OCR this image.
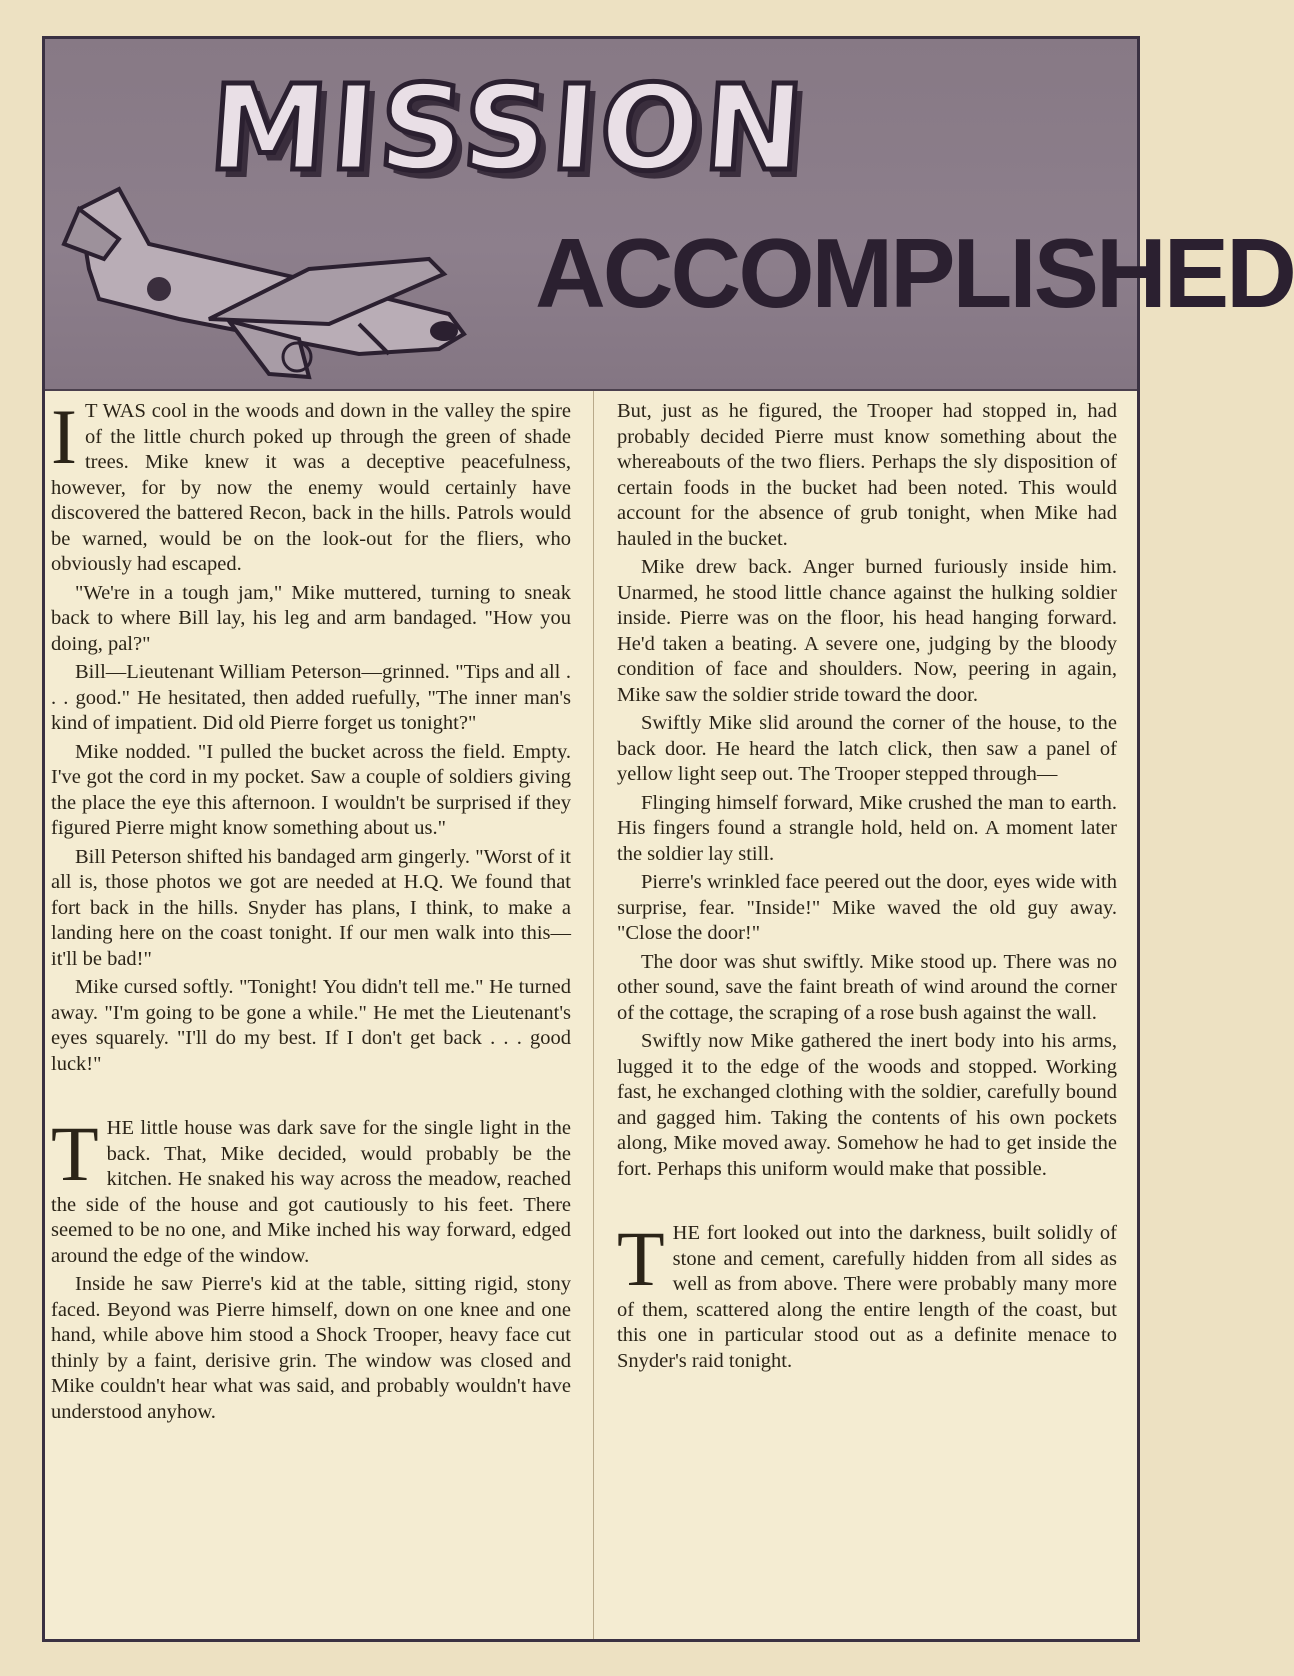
MISSION
ACCOMPLISHED

I T WAS cool in the woods and down in the valley the spire of the little church poked up through the green of shade trees. Mike knew it was a deceptive peacefulness, however, for by now the enemy would certainly have discovered the battered Recon, back in the hills. Patrols would be warned, would be on the look-out for the fliers, who obviously had escaped.

"We're in a tough jam," Mike muttered, turning to sneak back to where Bill lay, his leg and arm bandaged. "How you doing, pal?"

Bill—Lieutenant William Peterson—grinned. "Tips and all . . . good." He hesitated, then added ruefully, "The inner man's kind of impatient. Did old Pierre forget us tonight?"

Mike nodded. "I pulled the bucket across the field. Empty. I've got the cord in my pocket. Saw a couple of soldiers giving the place the eye this afternoon. I wouldn't be surprised if they figured Pierre might know something about us."

Bill Peterson shifted his bandaged arm gingerly. "Worst of it all is, those photos we got are needed at H.Q. We found that fort back in the hills. Snyder has plans, I think, to make a landing here on the coast tonight. If our men walk into this—it'll be bad!"

Mike cursed softly. "Tonight! You didn't tell me." He turned away. "I'm going to be gone a while." He met the Lieutenant's eyes squarely. "I'll do my best. If I don't get back . . . good luck!"

THE little house was dark save for the single light in the back. That, Mike decided, would probably be the kitchen. He snaked his way across the meadow, reached the side of the house and got cautiously to his feet. There seemed to be no one, and Mike inched his way forward, edged around the edge of the window.

Inside he saw Pierre's kid at the table, sitting rigid, stony faced. Beyond was Pierre himself, down on one knee and one hand, while above him stood a Shock Trooper, heavy face cut thinly by a faint, derisive grin. The window was closed and Mike couldn't hear what was said, and probably wouldn't have understood anyhow.

But, just as he figured, the Trooper had stopped in, had probably decided Pierre must know something about the whereabouts of the two fliers. Perhaps the sly disposition of certain foods in the bucket had been noted. This would account for the absence of grub tonight, when Mike had hauled in the bucket.

Mike drew back. Anger burned furiously inside him. Unarmed, he stood little chance against the hulking soldier inside. Pierre was on the floor, his head hanging forward. He'd taken a beating. A severe one, judging by the bloody condition of face and shoulders. Now, peering in again, Mike saw the soldier stride toward the door.

Swiftly Mike slid around the corner of the house, to the back door. He heard the latch click, then saw a panel of yellow light seep out. The Trooper stepped through—

Flinging himself forward, Mike crushed the man to earth. His fingers found a strangle hold, held on. A moment later the soldier lay still.

Pierre's wrinkled face peered out the door, eyes wide with surprise, fear. "Inside!" Mike waved the old guy away. "Close the door!"

The door was shut swiftly. Mike stood up. There was no other sound, save the faint breath of wind around the corner of the cottage, the scraping of a rose bush against the wall.

Swiftly now Mike gathered the inert body into his arms, lugged it to the edge of the woods and stopped. Working fast, he exchanged clothing with the soldier, carefully bound and gagged him. Taking the contents of his own pockets along, Mike moved away. Somehow he had to get inside the fort. Perhaps this uniform would make that possible.

THE fort looked out into the darkness, built solidly of stone and cement, carefully hidden from all sides as well as from above. There were probably many more of them, scattered along the entire length of the coast, but this one in particular stood out as a definite menace to Snyder's raid tonight.
